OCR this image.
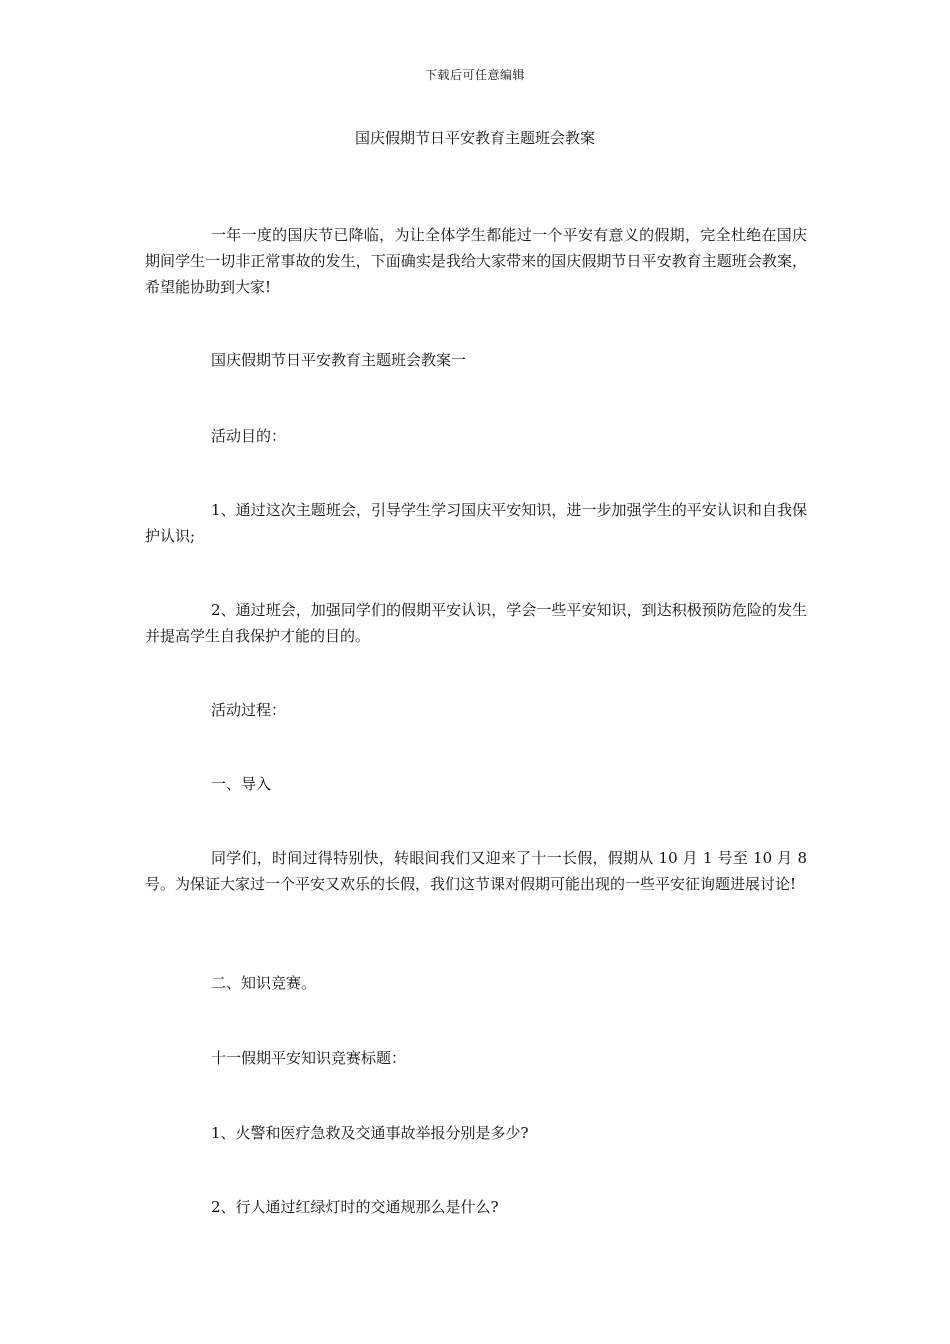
下载后可任意编辑
国庆假期节日平安教育主题班会教案

一年一度的国庆节已降临，为让全体学生都能过一个平安有意义的假期，完全杜绝在国庆期间学生一切非正常事故的发生，下面确实是我给大家带来的国庆假期节日平安教育主题班会教案，希望能协助到大家!

国庆假期节日平安教育主题班会教案一

活动目的：

1、通过这次主题班会，引导学生学习国庆平安知识，进一步加强学生的平安认识和自我保护认识;

2、通过班会，加强同学们的假期平安认识，学会一些平安知识，到达积极预防危险的发生并提高学生自我保护才能的目的。

活动过程：

一、导入

同学们，时间过得特别快，转眼间我们又迎来了十一长假，假期从 10 月 1 号至 10 月 8 号。为保证大家过一个平安又欢乐的长假，我们这节课对假期可能出现的一些平安征询题进展讨论!

二、知识竞赛。

十一假期平安知识竞赛标题：

1、火警和医疗急救及交通事故举报分别是多少?

2、行人通过红绿灯时的交通规那么是什么?
